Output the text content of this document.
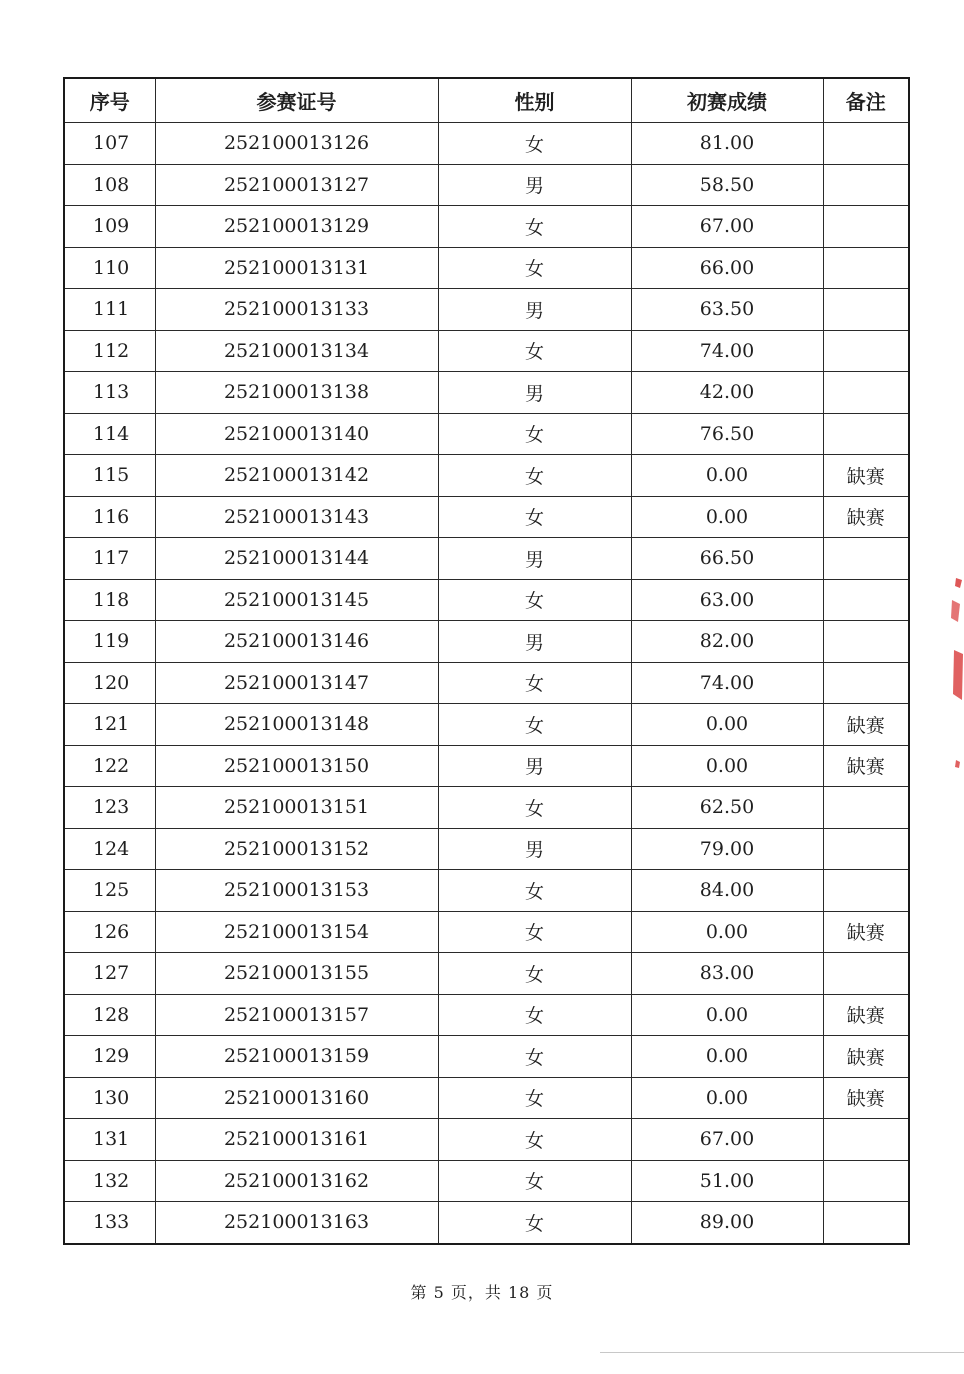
序号	参赛证号	性别	初赛成绩	备注
107	252100013126	女	81.00	
108	252100013127	男	58.50	
109	252100013129	女	67.00	
110	252100013131	女	66.00	
111	252100013133	男	63.50	
112	252100013134	女	74.00	
113	252100013138	男	42.00	
114	252100013140	女	76.50	
115	252100013142	女	0.00	缺赛
116	252100013143	女	0.00	缺赛
117	252100013144	男	66.50	
118	252100013145	女	63.00	
119	252100013146	男	82.00	
120	252100013147	女	74.00	
121	252100013148	女	0.00	缺赛
122	252100013150	男	0.00	缺赛
123	252100013151	女	62.50	
124	252100013152	男	79.00	
125	252100013153	女	84.00	
126	252100013154	女	0.00	缺赛
127	252100013155	女	83.00	
128	252100013157	女	0.00	缺赛
129	252100013159	女	0.00	缺赛
130	252100013160	女	0.00	缺赛
131	252100013161	女	67.00	
132	252100013162	女	51.00	
133	252100013163	女	89.00	
第 5 页，共 18 页
